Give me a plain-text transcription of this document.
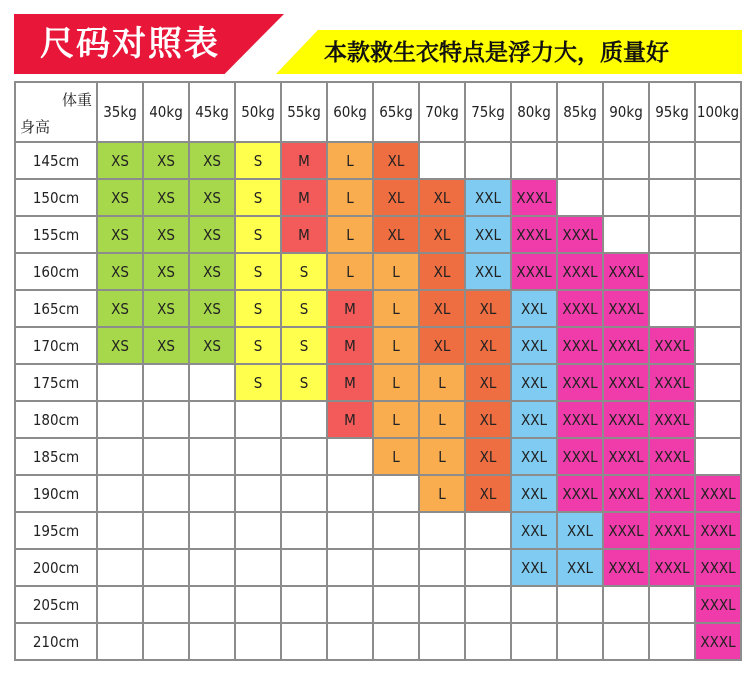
尺码对照表	本款救生衣特点是浮力大，质量好
体重
身高	35kg	40kg	45kg	50kg	55kg	60kg	65kg	70kg	75kg	80kg	85kg	90kg	95kg	100kg
145cm	XS	XS	XS	S	M	L	XL							
150cm	XS	XS	XS	S	M	L	XL	XL	XXL	XXXL				
155cm	XS	XS	XS	S	M	L	XL	XL	XXL	XXXL	XXXL			
160cm	XS	XS	XS	S	S	L	L	XL	XXL	XXXL	XXXL	XXXL		
165cm	XS	XS	XS	S	S	M	L	XL	XL	XXL	XXXL	XXXL		
170cm	XS	XS	XS	S	S	M	L	XL	XL	XXL	XXXL	XXXL	XXXL	
175cm				S	S	M	L	L	XL	XXL	XXXL	XXXL	XXXL	
180cm						M	L	L	XL	XXL	XXXL	XXXL	XXXL	
185cm							L	L	XL	XXL	XXXL	XXXL	XXXL	
190cm								L	XL	XXL	XXXL	XXXL	XXXL	XXXL
195cm										XXL	XXL	XXXL	XXXL	XXXL
200cm										XXL	XXL	XXXL	XXXL	XXXL
205cm														XXXL
210cm														XXXL
